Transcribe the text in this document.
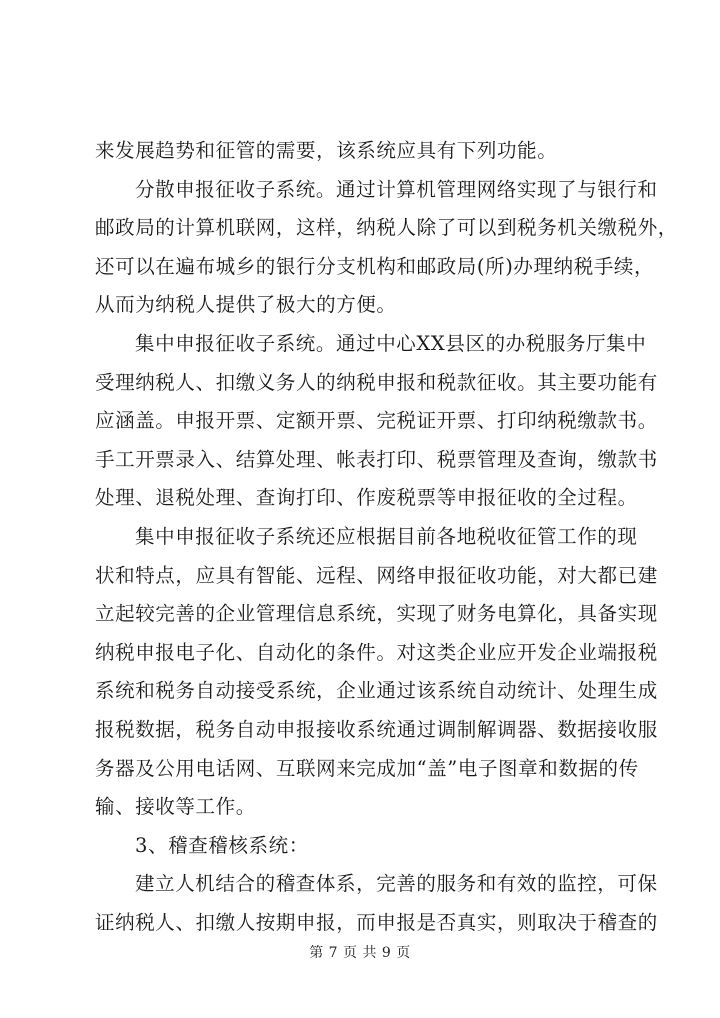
来发展趋势和征管的需要，该系统应具有下列功能。
分散申报征收子系统。通过计算机管理网络实现了与银行和
邮政局的计算机联网，这样，纳税人除了可以到税务机关缴税外，
还可以在遍布城乡的银行分支机构和邮政局(所)办理纳税手续，
从而为纳税人提供了极大的方便。
集中申报征收子系统。通过中心XX县区的办税服务厅集中
受理纳税人、扣缴义务人的纳税申报和税款征收。其主要功能有
应涵盖。申报开票、定额开票、完税证开票、打印纳税缴款书。
手工开票录入、结算处理、帐表打印、税票管理及查询，缴款书
处理、退税处理、查询打印、作废税票等申报征收的全过程。
集中申报征收子系统还应根据目前各地税收征管工作的现
状和特点，应具有智能、远程、网络申报征收功能，对大都已建
立起较完善的企业管理信息系统，实现了财务电算化，具备实现
纳税申报电子化、自动化的条件。对这类企业应开发企业端报税
系统和税务自动接受系统，企业通过该系统自动统计、处理生成
报税数据，税务自动申报接收系统通过调制解调器、数据接收服
务器及公用电话网、互联网来完成加“盖”电子图章和数据的传
输、接收等工作。
3、稽查稽核系统：
建立人机结合的稽查体系，完善的服务和有效的监控，可保
证纳税人、扣缴人按期申报，而申报是否真实，则取决于稽查的
第 7 页 共 9 页
